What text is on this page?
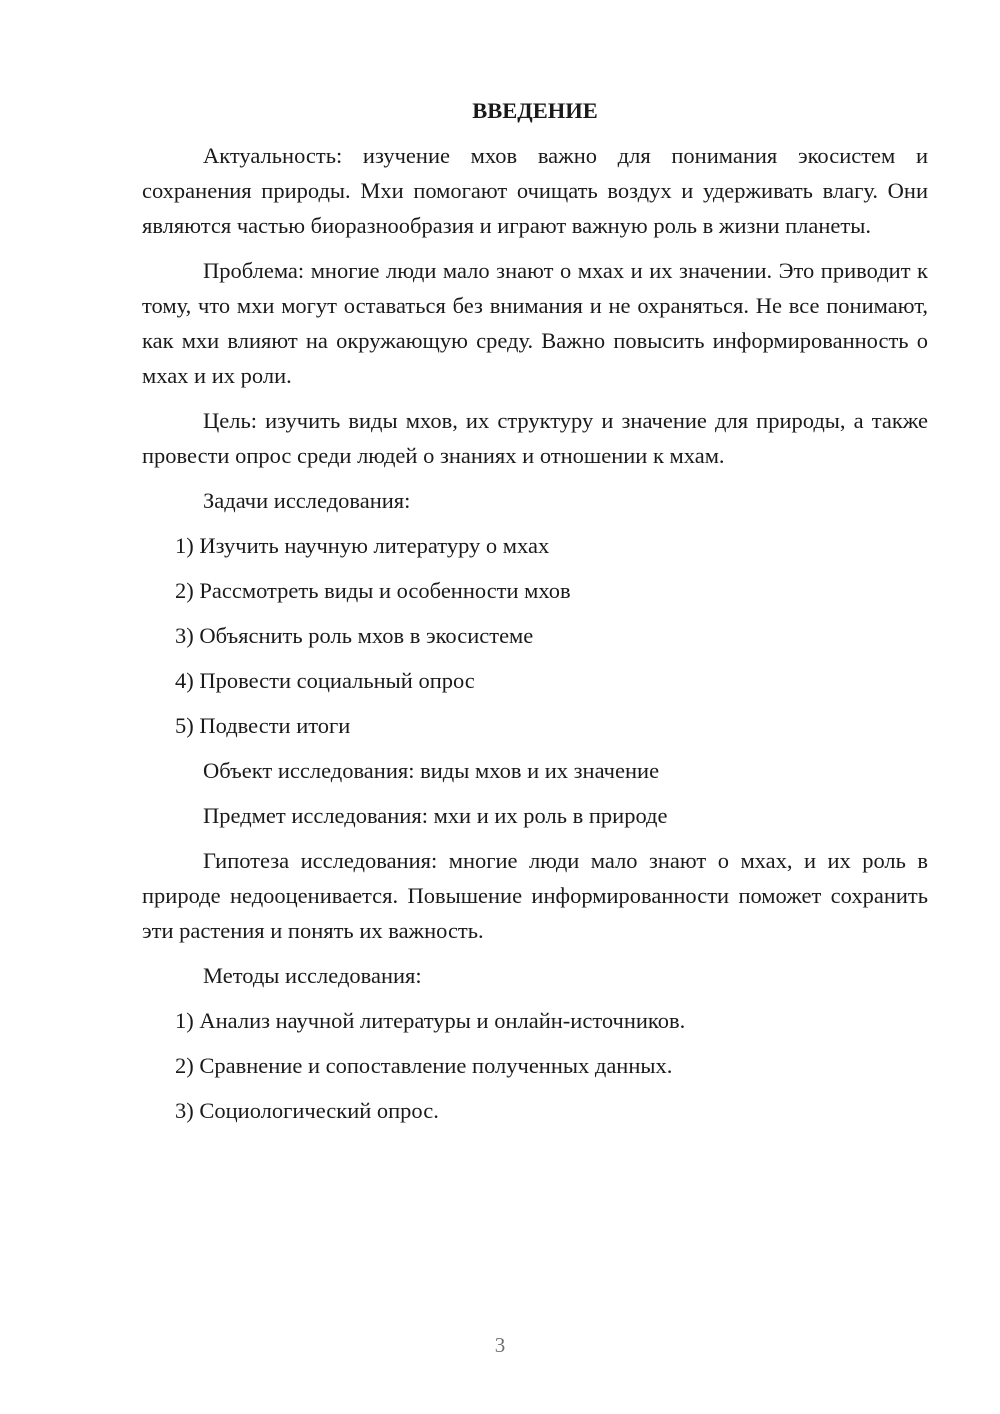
ВВЕДЕНИЕ

Актуальность: изучение мхов важно для понимания экосистем и сохранения природы. Мхи помогают очищать воздух и удерживать влагу. Они являются частью биоразнообразия и играют важную роль в жизни планеты.

Проблема: многие люди мало знают о мхах и их значении. Это приводит к тому, что мхи могут оставаться без внимания и не охраняться. Не все понимают, как мхи влияют на окружающую среду. Важно повысить информированность о мхах и их роли.

Цель: изучить виды мхов, их структуру и значение для природы, а также провести опрос среди людей о знаниях и отношении к мхам.

Задачи исследования:
1) Изучить научную литературу о мхах
2) Рассмотреть виды и особенности мхов
3) Объяснить роль мхов в экосистеме
4) Провести социальный опрос
5) Подвести итоги
Объект исследования: виды мхов и их значение
Предмет исследования: мхи и их роль в природе

Гипотеза исследования: многие люди мало знают о мхах, и их роль в природе недооценивается. Повышение информированности поможет сохранить эти растения и понять их важность.

Методы исследования:
1) Анализ научной литературы и онлайн-источников.
2) Сравнение и сопоставление полученных данных.
3) Социологический опрос.
3
